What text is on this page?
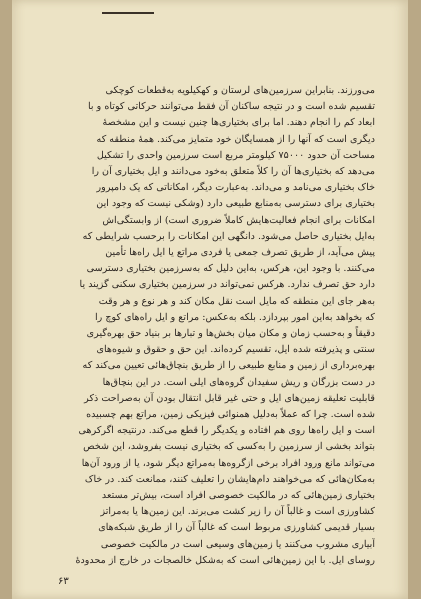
می‌ورزند. بنابراین سرزمین‌های لرستان و کهکیلویه به‌قطعات کوچکی
تقسیم شده است و در نتیجه ساکنان آن فقط می‌توانند حرکاتی کوتاه و با
ابعاد کم را انجام دهند. اما برای بختیاری‌ها چنین نیست و این مشخصهٔ
دیگری است که آنها را از همسایگان خود متمایز می‌کند. همهٔ منطقه که
مساحت آن حدود ۷۵۰۰۰ کیلومتر مربع است سرزمین واحدی را تشکیل
می‌دهد که بختیاری‌ها آن را کلاً متعلق به‌خود می‌دانند و ایل بختیاری آن را
خاک بختیاری می‌نامد و می‌داند. به‌عبارت دیگر، امکاناتی که یک دامپرور
بختیاری برای دسترسی به‌منابع طبیعی دارد (وشکی نیست که وجود این
امکانات برای انجام فعالیت‌هایش کاملاً ضروری است) از وابستگی‌اش
به‌ایل بختیاری حاصل می‌شود. دانگهی این امکانات را برحسب شرایطی که
پیش می‌آید، از طریق تصرف جمعی یا فردی مراتع یا ایل راه‌ها تأمین
می‌کنند. با وجود این، هرکس، به‌این دلیل که به‌سرزمین بختیاری دسترسی
دارد حق تصرف ندارد. هرکس نمی‌تواند در سرزمین بختیاری سکنی گزیند یا
به‌هر جای این منطقه که مایل است نقل مکان کند و هر نوع و هر وقت
که بخواهد به‌این امور بپردازد. بلکه به‌عکس: مراتع و ایل راه‌های کوچ را
دقیقاً و به‌حسب زمان و مکان میان بخش‌ها و تبارها بر بنیاد حق بهره‌گیری
سنتی و پذیرفته شده ایل، تقسیم کرده‌اند. این حق و حقوق و شیوه‌های
بهره‌برداری از زمین و منابع طبیعی را از طریق بنچاق‌هائی تعیین می‌کند که
در دست بزرگان و ریش سفیدان گروه‌های ایلی است. در این بنچاق‌ها
قابلیت تعلیقه زمین‌های ایل و حتی غیر قابل انتقال بودن آن به‌صراحت ذکر
شده است. چرا که عملاً به‌دلیل همنوائی فیزیکی زمین، مراتع بهم چسبیده
است و ایل راه‌ها روی هم افتاده و یکدیگر را قطع می‌کند. درنتیجه اگرکرهی
بتواند بخشی از سرزمین را به‌کسی که بختیاری نیست بفروشد، این شخص
می‌تواند مانع ورود افراد برخی ازگروه‌ها به‌مراتع دیگر شود، یا از ورود آن‌ها
به‌مکان‌هائی که می‌خواهند دام‌هایشان را تعلیف کنند، ممانعت کند. در خاک
بختیاری زمین‌هائی که در مالکیت خصوصی افراد است، بیش‌تر مستعد
کشاورزی است و غالباً آن را زیر کشت می‌برند. این زمین‌ها یا به‌مراتز
بسیار قدیمی کشاورزی مربوط است که غالباً آن را از طریق شبکه‌های
آبیاری مشروب می‌کنند یا زمین‌های وسیعی است در مالکیت خصوصی
روسای ایل. با این زمین‌هائی است که به‌شکل خالصجات در خارج از محدودهٔ
۶۳
